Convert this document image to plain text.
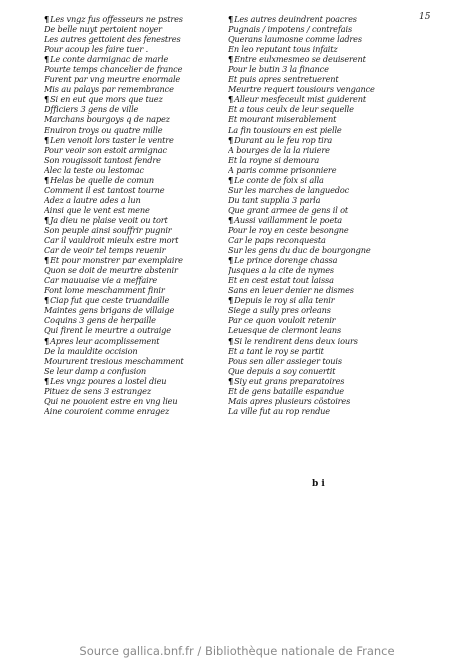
15
¶Les vngz fus offesseurs ne pstres
De belle nuyt pertoient noyer
Les autres gettoient des fenestres
Pour acoup les faire tuer .
¶Le conte darmignac de marle
Pourte temps chancelier de france
Furent par vng meurtre enormale
Mis au palays par remembrance
¶Si en eut que mors que tuez
Dfficiers 3 gens de ville
Marchans bourgoys q de napez
Enuiron troys ou quatre mille
¶Len venoit lors taster le ventre
Pour veoir son estoit armignac
Son rougissoit tantost fendre
Alec la teste ou lestomac
¶Helas be quelle de comun
Comment il est tantost tourne
Adez a lautre ades a lun
Ainsi que le vent est mene
¶Ja dieu ne plaise veoit ou tort
Son peuple ainsi souffrir pugnir
Car il vauldroit mieulx estre mort
Car de veoir tel temps reuenir
¶Et pour monstrer par exemplaire
Quon se doit de meurtre abstenir
Car mauuaise vie a meffaire
Font lome meschamment finir
¶Ciap fut que ceste truandaille
Maintes gens brigans de villaige
Coquins 3 gens de herpaille
Qui firent le meurtre a outraige
¶Apres leur acomplissement
De la mauldite occision
Moururent tresious meschamment
Se leur damp a confusion
¶Les vngz poures a lostel dieu
Pituez de sens 3 estrangez
Qui ne pouoient estre en vng lieu
Aine couroient comme enragez
¶Les autres deuindrent poacres
Pugnais / impotens / contrefais
Querans laumosne comme ladres
En leo reputant tous infaitz
¶Entre eulxmesmeo se deuiserent
Pour le butin 3 la finance
Et puis apres sentretuerent
Meurtre requert tousiours vengance
¶Alleur mesfeceult mist guiderent
Et a tous ceulx de leur sequelle
Et mourant miserablement
La fin tousiours en est pielle
¶Durant au le feu rop tira
A bourges de la la riuiere
Et la royne si demoura
A paris comme prisonniere
¶Le conte de foix si alla
Sur les marches de languedoc
Du tant supplia 3 parla
Que grant armee de gens il ot
¶Aussi vaillamment le poeta
Pour le roy en ceste besongne
Car le paps reconquesta
Sur les gens du duc de bourgongne
¶Le prince dorenge chassa
Jusques a la cite de nymes
Et en cest estat tout laissa
Sans en leuer denier ne dismes
¶Depuis le roy si alla tenir
Siege a sully pres orleans
Par ce quon vouloit retenir
Leuesque de clermont leans
¶Si le rendirent dens deux iours
Et a tant le roy se partit
Pous sen aller assieger touis
Que depuis a soy conuertit
¶Siy eut grans preparatoires
Et de gens bataille espandue
Mais apres plusieurs cöstoires
La ville fut au rop rendue
b i
Source gallica.bnf.fr / Bibliothèque nationale de France
